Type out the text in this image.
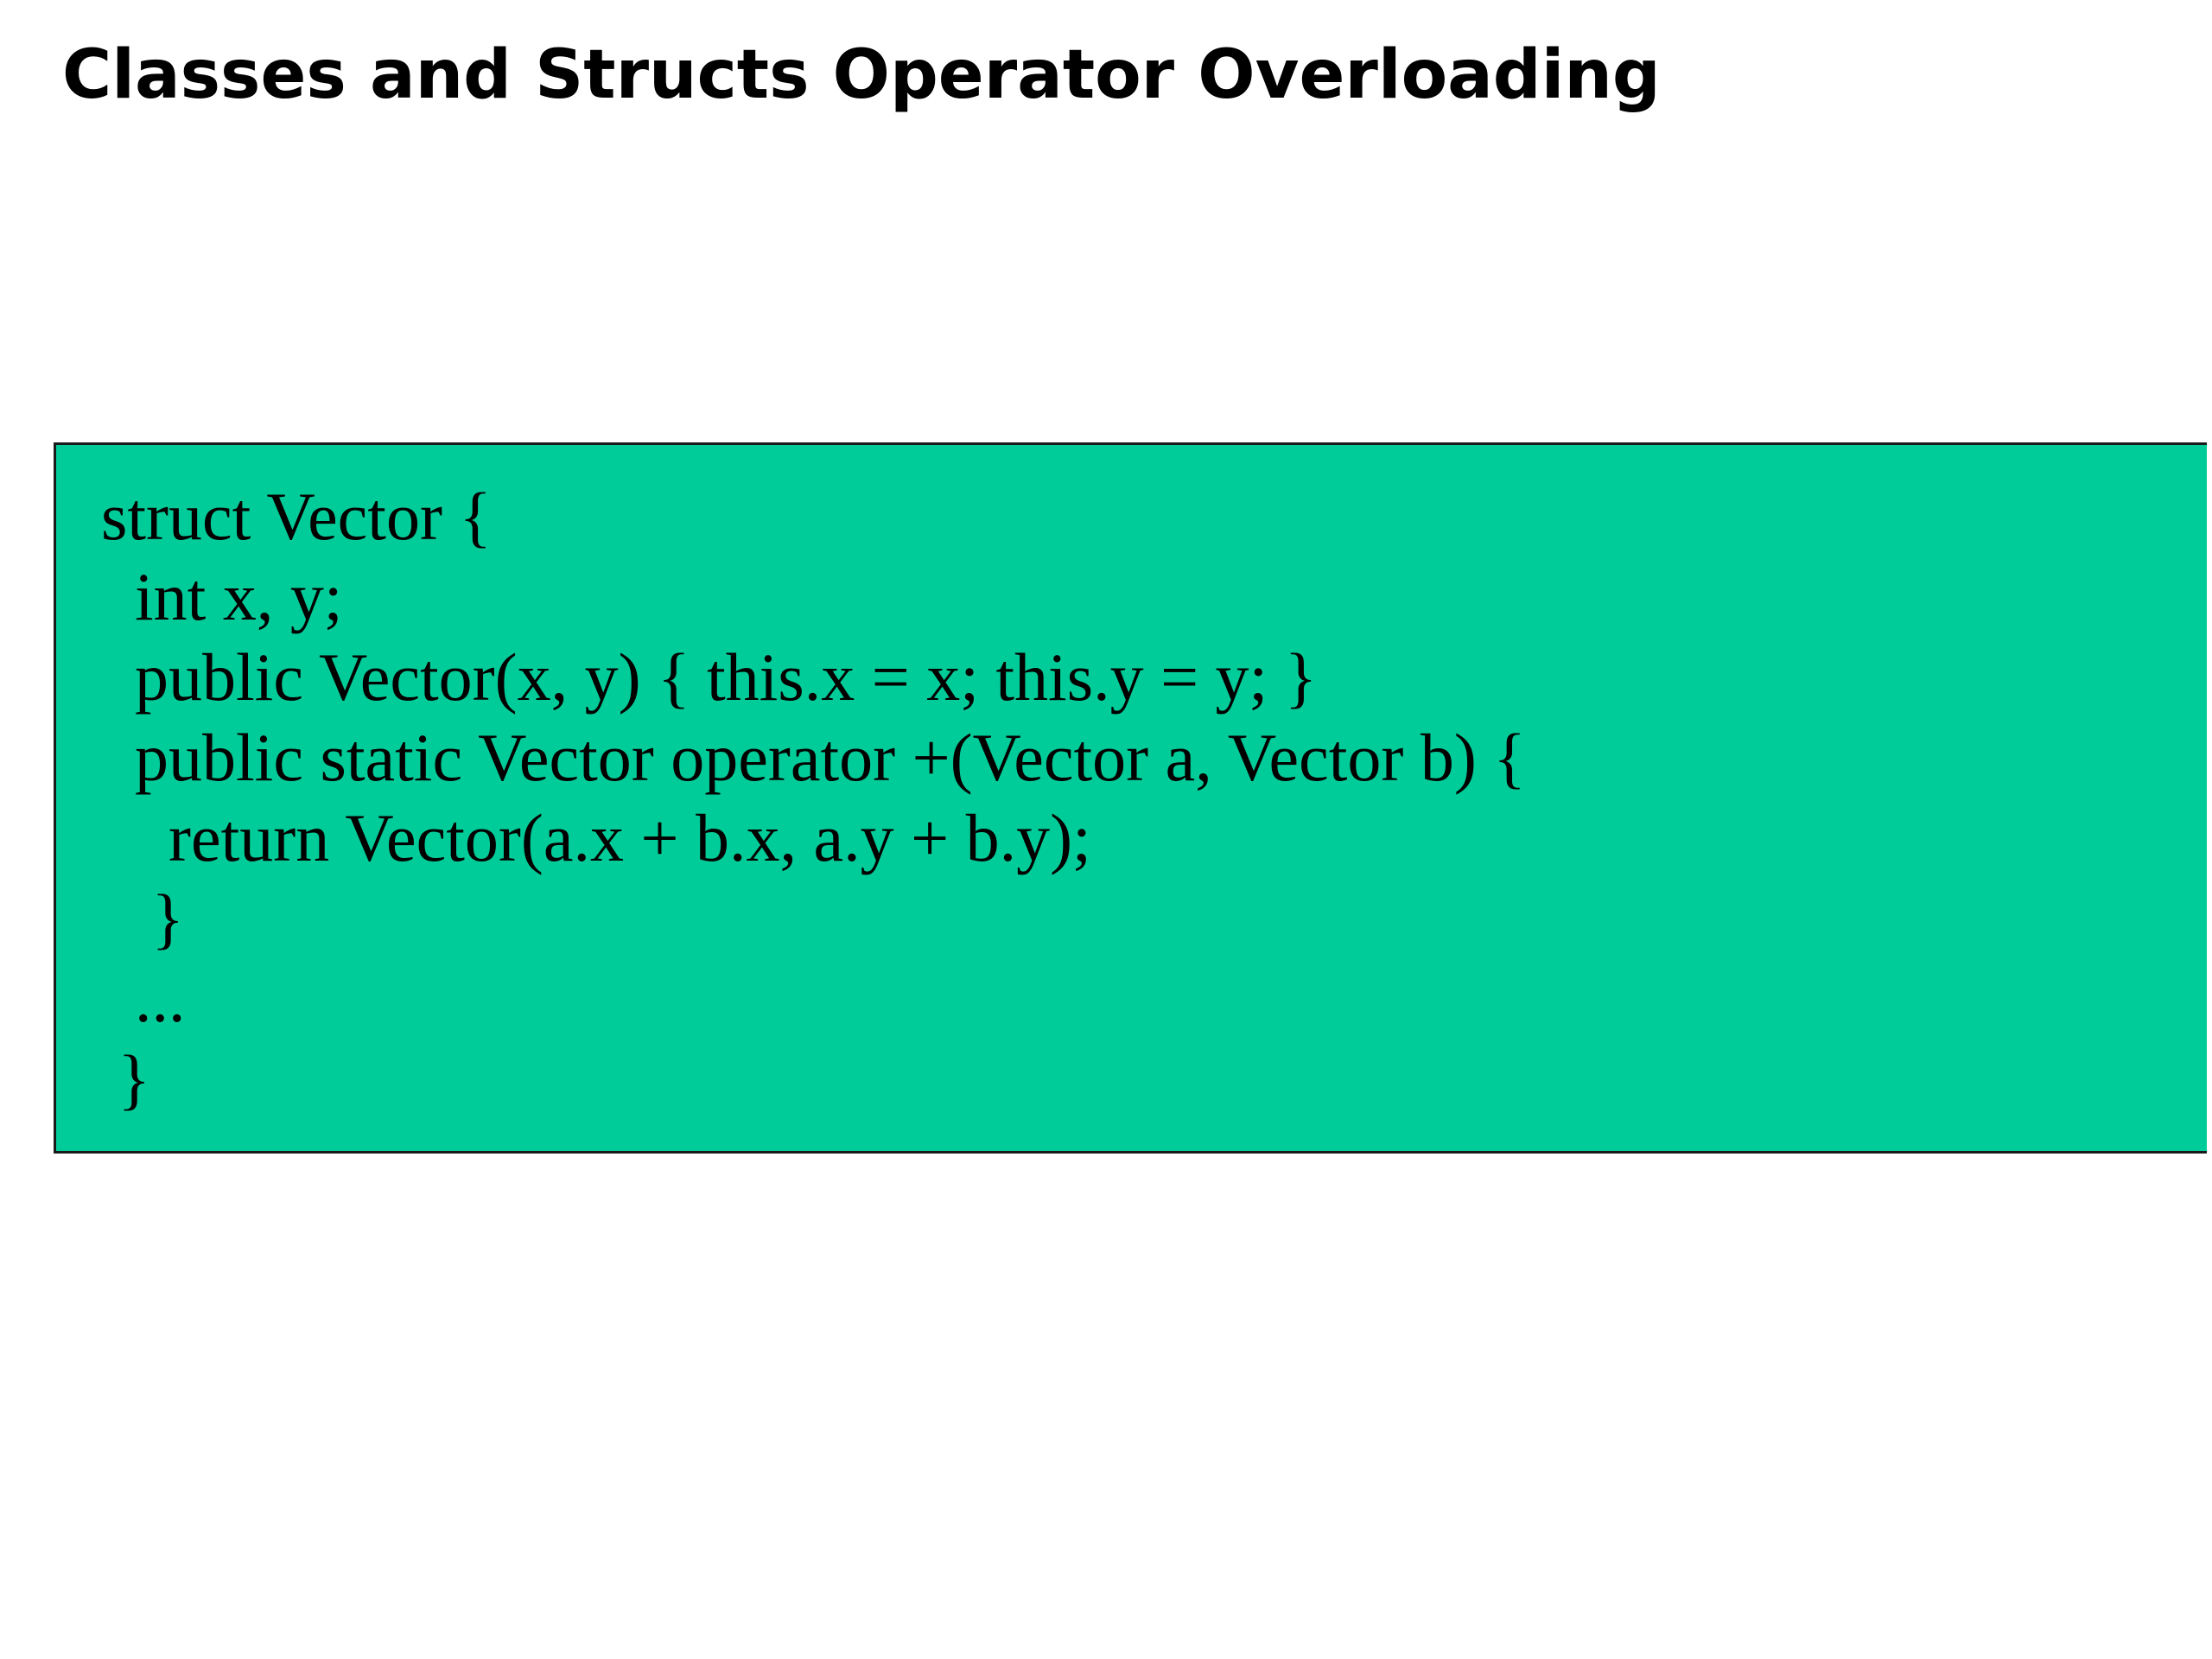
Classes and Structs Operator Overloading
struct Vector {
int x, y;
public Vector(x, y) { this.x = x; this.y = y; }
public static Vector operator +(Vector a, Vector b) {
return Vector(a.x + b.x, a.y + b.y);
}
...
}
